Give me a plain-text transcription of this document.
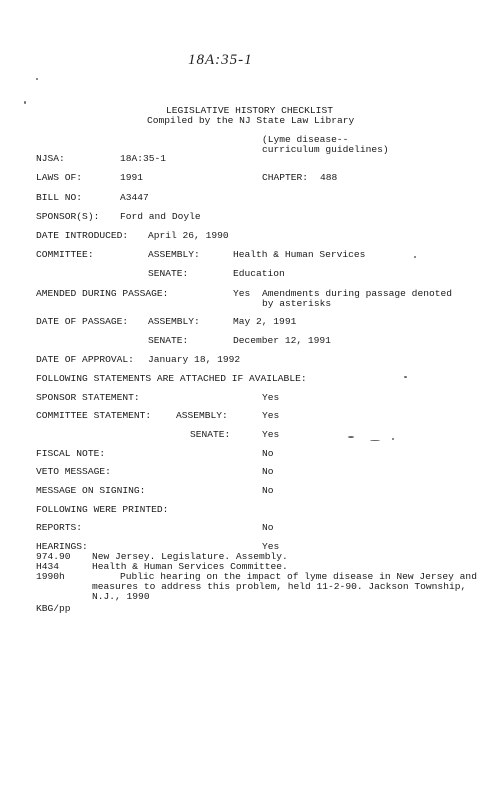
18A:35-1
LEGISLATIVE HISTORY CHECKLIST
Compiled by the NJ State Law Library
(Lyme disease--
curriculum guidelines)
NJSA:	18A:35-1
LAWS OF:	1991	CHAPTER: 488
BILL NO:	A3447
SPONSOR(S): Ford and Doyle
DATE INTRODUCED: April 26, 1990
COMMITTEE:	ASSEMBLY:	Health & Human Services
SENATE:	Education
AMENDED DURING PASSAGE:	Yes Amendments during passage denoted
by asterisks
DATE OF PASSAGE: ASSEMBLY:	May 2, 1991
SENATE:	December 12, 1991
DATE OF APPROVAL: January 18, 1992
FOLLOWING STATEMENTS ARE ATTACHED IF AVAILABLE:
SPONSOR STATEMENT:	Yes
COMMITTEE STATEMENT:	ASSEMBLY:	Yes
SENATE:	Yes
FISCAL NOTE:	No
VETO MESSAGE:	No
MESSAGE ON SIGNING:	No
FOLLOWING WERE PRINTED:
REPORTS:	No
HEARINGS:	Yes
974.90 New Jersey. Legislature. Assembly.
H434	Health & Human Services Committee.
1990h	Public hearing on the impact of lyme disease in New Jersey and
measures to address this problem, held 11-2-90. Jackson Township,
N.J., 1990
KBG/pp
